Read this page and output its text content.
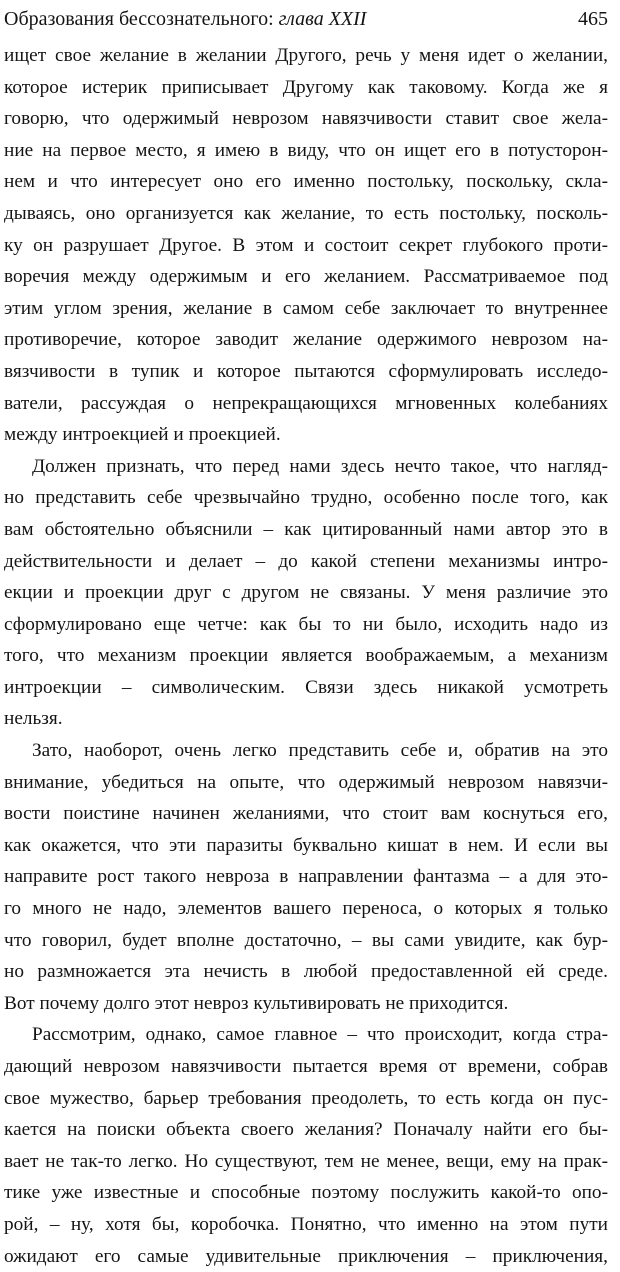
Образования бессознательного: глава XXII	465
ищет свое желание в желании Другого, речь у меня идет о желании,
которое истерик приписывает Другому как таковому. Когда же я
говорю, что одержимый неврозом навязчивости ставит свое жела-
ние на первое место, я имею в виду, что он ищет его в потусторон-
нем и что интересует оно его именно постольку, поскольку, скла-
дываясь, оно организуется как желание, то есть постольку, посколь-
ку он разрушает Другое. В этом и состоит секрет глубокого проти-
воречия между одержимым и его желанием. Рассматриваемое под
этим углом зрения, желание в самом себе заключает то внутреннее
противоречие, которое заводит желание одержимого неврозом на-
вязчивости в тупик и которое пытаются сформулировать исследо-
ватели, рассуждая о непрекращающихся мгновенных колебаниях
между интроекцией и проекцией.
Должен признать, что перед нами здесь нечто такое, что нагляд-
но представить себе чрезвычайно трудно, особенно после того, как
вам обстоятельно объяснили – как цитированный нами автор это в
действительности и делает – до какой степени механизмы интро-
екции и проекции друг с другом не связаны. У меня различие это
сформулировано еще четче: как бы то ни было, исходить надо из
того, что механизм проекции является воображаемым, а механизм
интроекции – символическим. Связи здесь никакой усмотреть
нельзя.
Зато, наоборот, очень легко представить себе и, обратив на это
внимание, убедиться на опыте, что одержимый неврозом навязчи-
вости поистине начинен желаниями, что стоит вам коснуться его,
как окажется, что эти паразиты буквально кишат в нем. И если вы
направите рост такого невроза в направлении фантазма – а для это-
го много не надо, элементов вашего переноса, о которых я только
что говорил, будет вполне достаточно, – вы сами увидите, как бур-
но размножается эта нечисть в любой предоставленной ей среде.
Вот почему долго этот невроз культивировать не приходится.
Рассмотрим, однако, самое главное – что происходит, когда стра-
дающий неврозом навязчивости пытается время от времени, собрав
свое мужество, барьер требования преодолеть, то есть когда он пус-
кается на поиски объекта своего желания? Поначалу найти его бы-
вает не так-то легко. Но существуют, тем не менее, вещи, ему на прак-
тике уже известные и способные поэтому послужить какой-то опо-
рой, – ну, хотя бы, коробочка. Понятно, что именно на этом пути
ожидают его самые удивительные приключения – приключения,
